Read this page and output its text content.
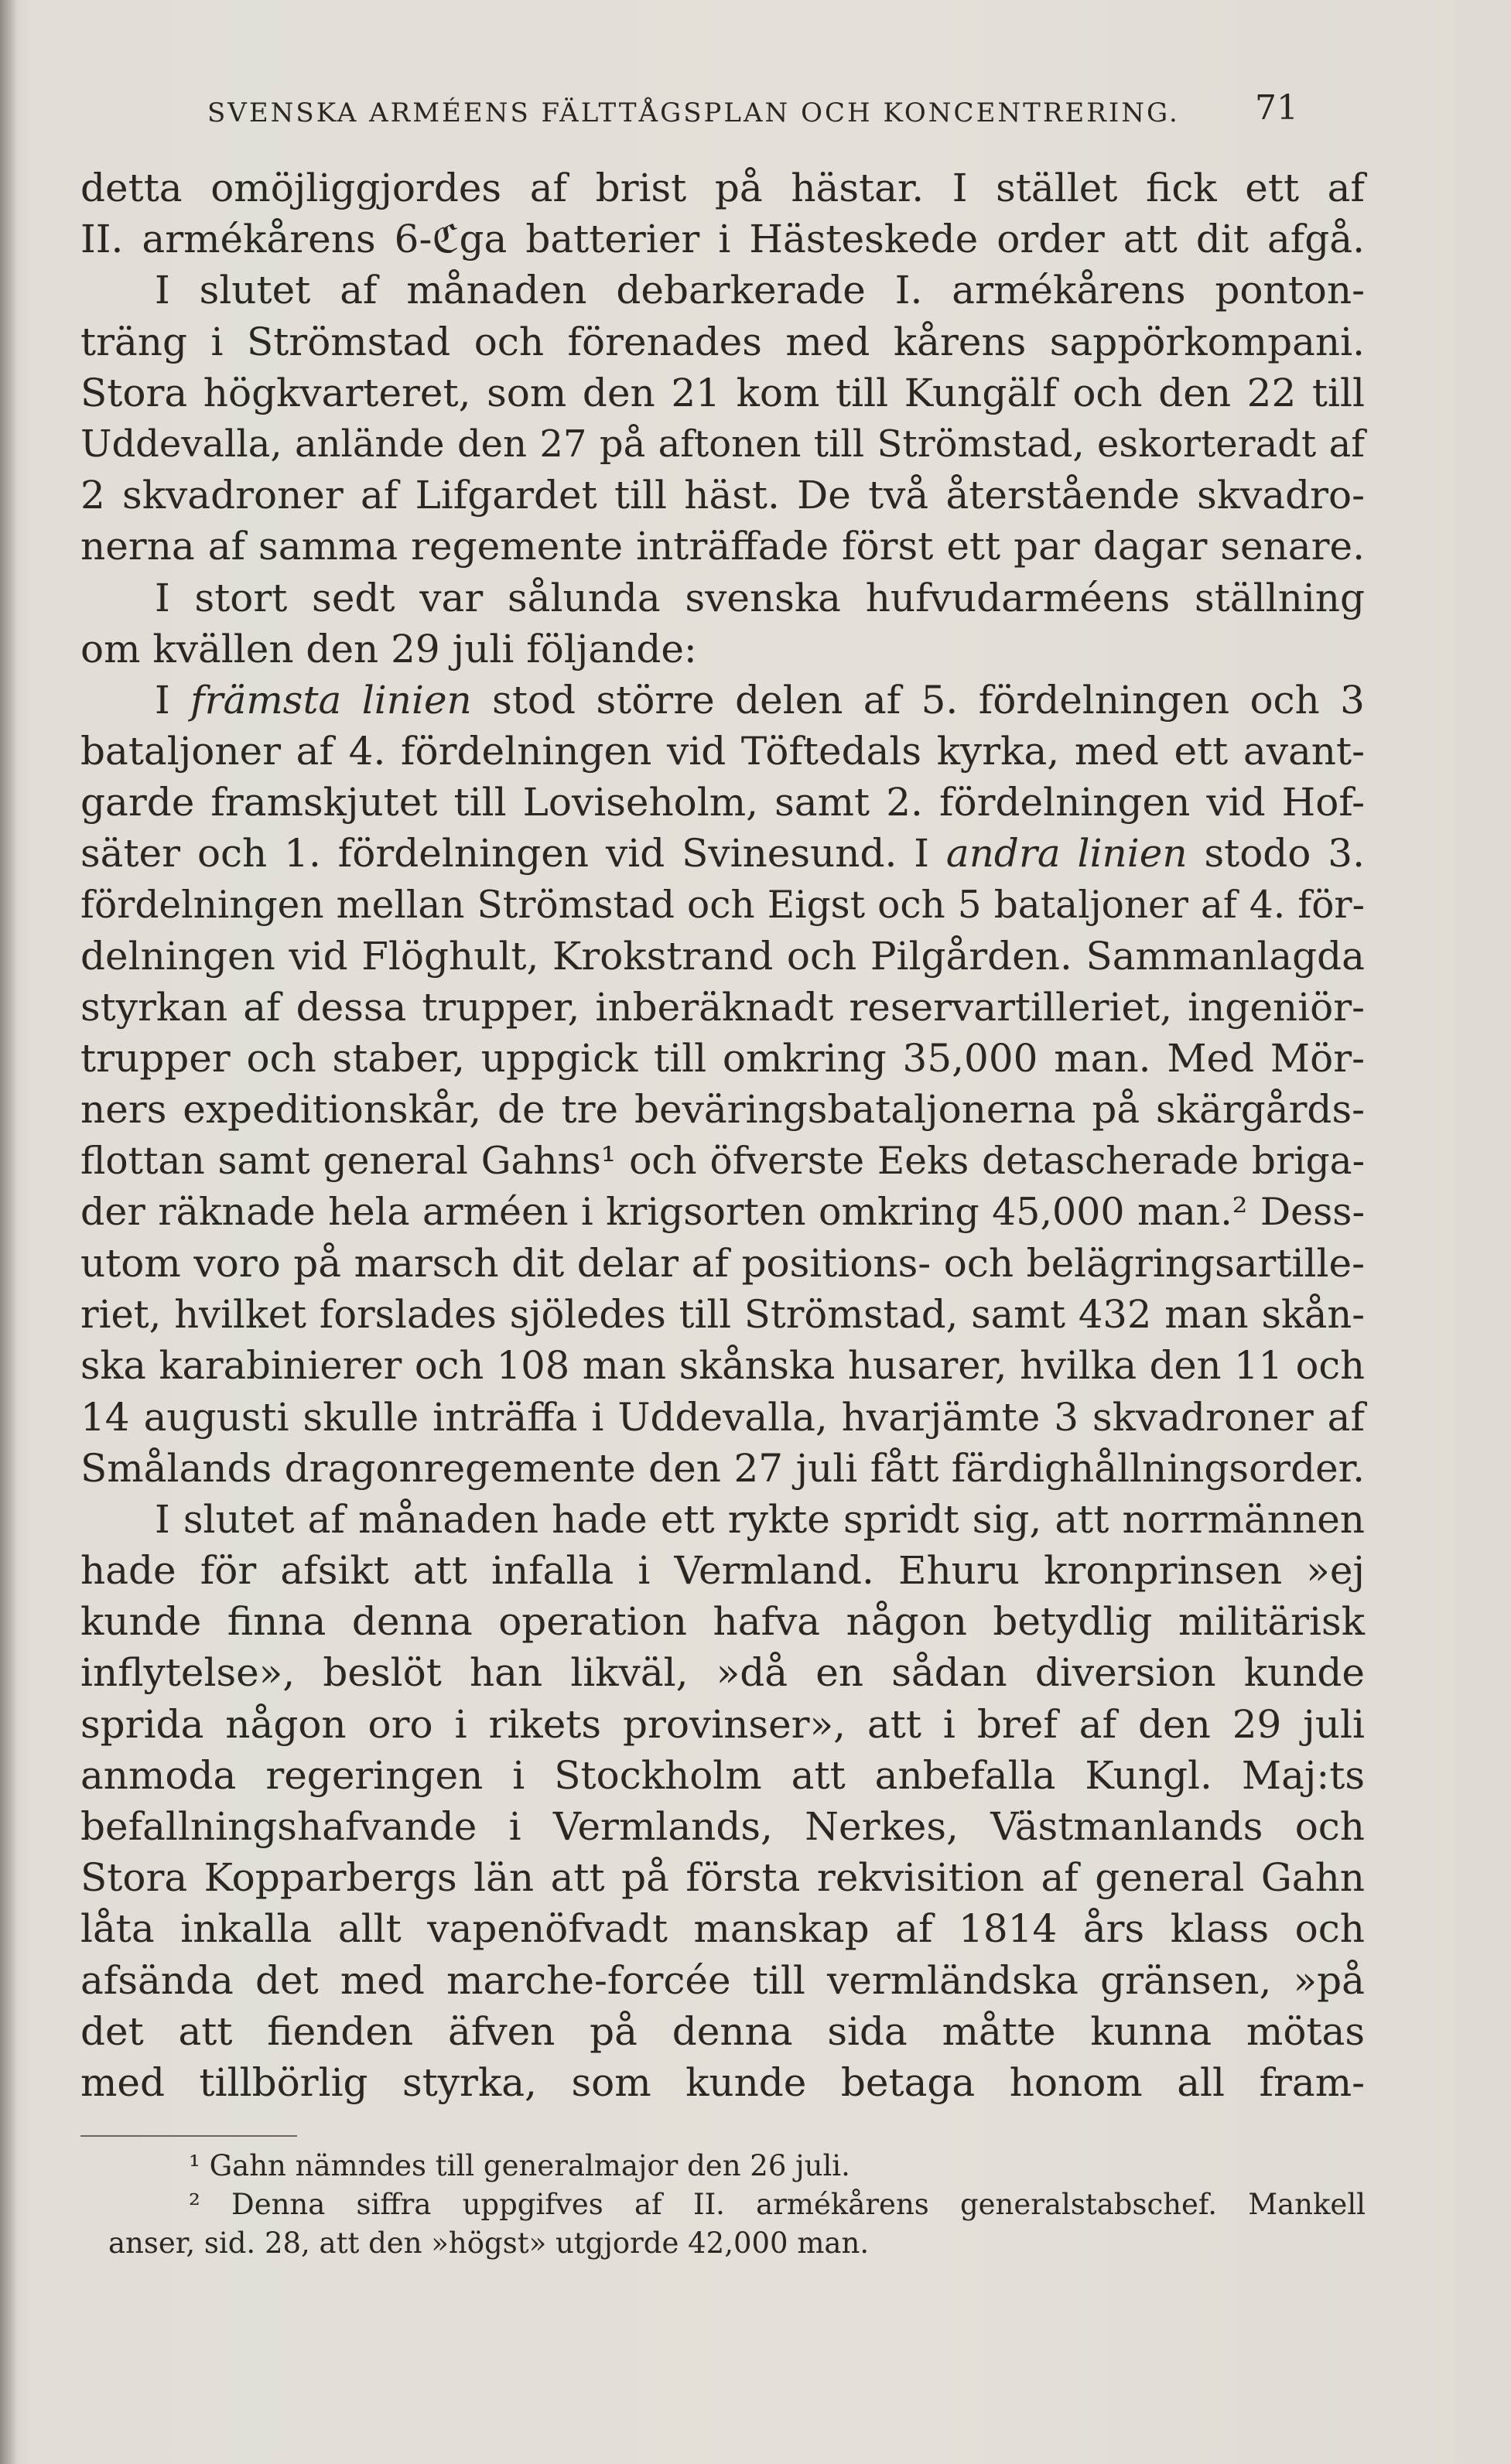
SVENSKA ARMÉENS FÄLTTÅGSPLAN OCH KONCENTRERING. 71
detta omöjliggjordes af brist på hästar. I stället fick ett af
II. armékårens 6-ℭga batterier i Hästeskede order att dit afgå.
I slutet af månaden debarkerade I. armékårens ponton-
träng i Strömstad och förenades med kårens sappörkompani.
Stora högkvarteret, som den 21 kom till Kungälf och den 22 till
Uddevalla, anlände den 27 på aftonen till Strömstad, eskorteradt af
2 skvadroner af Lifgardet till häst. De två återstående skvadro-
nerna af samma regemente inträffade först ett par dagar senare.
I stort sedt var sålunda svenska hufvudarméens ställning
om kvällen den 29 juli följande:
I främsta linien stod större delen af 5. fördelningen och 3
bataljoner af 4. fördelningen vid Töftedals kyrka, med ett avant-
garde framskjutet till Loviseholm, samt 2. fördelningen vid Hof-
säter och 1. fördelningen vid Svinesund. I andra linien stodo 3.
fördelningen mellan Strömstad och Eigst och 5 bataljoner af 4. för-
delningen vid Flöghult, Krokstrand och Pilgården. Sammanlagda
styrkan af dessa trupper, inberäknadt reservartilleriet, ingeniör-
trupper och staber, uppgick till omkring 35,000 man. Med Mör-
ners expeditionskår, de tre beväringsbataljonerna på skärgårds-
flottan samt general Gahns¹ och öfverste Eeks detascherade briga-
der räknade hela arméen i krigsorten omkring 45,000 man.² Dess-
utom voro på marsch dit delar af positions- och belägringsartille-
riet, hvilket forslades sjöledes till Strömstad, samt 432 man skån-
ska karabinierer och 108 man skånska husarer, hvilka den 11 och
14 augusti skulle inträffa i Uddevalla, hvarjämte 3 skvadroner af
Smålands dragonregemente den 27 juli fått färdighållningsorder.
I slutet af månaden hade ett rykte spridt sig, att norrmännen
hade för afsikt att infalla i Vermland. Ehuru kronprinsen »ej
kunde finna denna operation hafva någon betydlig militärisk
inflytelse», beslöt han likväl, »då en sådan diversion kunde
sprida någon oro i rikets provinser», att i bref af den 29 juli
anmoda regeringen i Stockholm att anbefalla Kungl. Maj:ts
befallningshafvande i Vermlands, Nerkes, Västmanlands och
Stora Kopparbergs län att på första rekvisition af general Gahn
låta inkalla allt vapenöfvadt manskap af 1814 års klass och
afsända det med marche-forcée till vermländska gränsen, »på
det att fienden äfven på denna sida måtte kunna mötas
med tillbörlig styrka, som kunde betaga honom all fram-
¹ Gahn nämndes till generalmajor den 26 juli.
² Denna siffra uppgifves af II. armékårens generalstabschef. Mankell
anser, sid. 28, att den »högst» utgjorde 42,000 man.
